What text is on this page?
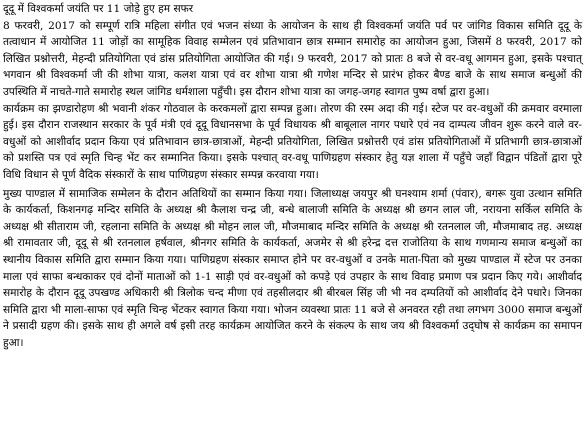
दूदू में विश्वकर्मा जयंति पर 11 जोड़े हुए हम सफर

8 फरवरी, 2017 को सम्पूर्ण रात्रि महिला संगीत एवं भजन संध्या के आयोजन के साथ ही विश्वकर्मा जयंति पर्व पर जांगिड विकास समिति दूदू के तत्वाधान में आयोजित 11 जोड़ों का सामूहिक विवाह सम्मेलन एवं प्रतिभावान छात्र सम्मान समारोह का आयोजन हुआ, जिसमें 8 फरवरी, 2017 को लिखित प्रश्नोत्तरी, मेहन्दी प्रतियोगिता एवं डांस प्रतियोगिता आयोजित की गई। 9 फरवरी, 2017 को प्रातः 8 बजे से वर-वधू आगमन हुआ, इसके पश्चात् भगवान श्री विश्वकर्मा जी की शोभा यात्रा, कलश यात्रा एवं वर शोभा यात्रा श्री गणेश मन्दिर से प्रारंभ होकर बैण्ड बाजे के साथ समाज बन्धुओं की उपस्थिति में नाचते-गाते समारोह स्थल जांगिड धर्मशाला पहुँची। इस दौरान शोभा यात्रा का जगह-जगह स्वागत पुष्प वर्षा द्वारा हुआ।

कार्यक्रम का झण्डारोहण श्री भवानी शंकर गोठवाल के करकमलों द्वारा सम्पन्न हुआ। तोरण की रस्म अदा की गई। स्टेज पर वर-वधुओं की क्रमवार वरमाला हुई। इस दौरान राजस्थान सरकार के पूर्व मंत्री एवं दूदू विधानसभा के पूर्व विधायक श्री बाबूलाल नागर पधारे एवं नव दाम्पत्य जीवन शुरू करने वाले वर-वधुओं को आशीर्वाद प्रदान किया एवं प्रतिभावान छात्र-छात्राओं, मेहन्दी प्रतियोगिता, लिखित प्रश्नोत्तरी एवं डांस प्रतियोगिताओं में प्रतिभागी छात्र-छात्राओं को प्रशस्ति पत्र एवं स्मृति चिन्ह भेंट कर सम्मानित किया। इसके पश्चात् वर-वधू पाणिग्रहण संस्कार हेतु यज्ञ शाला में पहुँचे जहाँ विद्वान पंडितों द्वारा पूरे विधि विधान से पूर्ण वैदिक संस्कारों के साथ पाणिग्रहण संस्कार सम्पन्न करवाया गया।

मुख्य पाण्डाल में सामाजिक सम्मेलन के दौरान अतिथियों का सम्मान किया गया। जिलाध्यक्ष जयपुर श्री घनश्याम शर्मा (पंवार), बगरू युवा उत्थान समिति के कार्यकर्ता, किशनगढ़ मन्दिर समिति के अध्यक्ष श्री कैलाश चन्द्र जी, बन्धे बालाजी समिति के अध्यक्ष श्री छगन लाल जी, नरायना सर्किल समिति के अध्यक्ष श्री सीताराम जी, रहलाना समिति के अध्यक्ष श्री मोहन लाल जी, मौजमाबाद मन्दिर समिति के अध्यक्ष श्री रतनलाल जी, मौजमाबाद तह. अध्यक्ष श्री रामावतार जी, दूदू से श्री रतनलाल हर्षवाल, श्रीनगर समिति के कार्यकर्ता, अजमेर से श्री हरेन्द्र दत्त राजोतिया के साथ गणमान्य समाज बन्धुओं का स्थानीय विकास समिति द्वारा सम्मान किया गया। पाणिग्रहण संस्कार समाप्त होने पर वर-वधुओं व उनके माता-पिता को मुख्य पाण्डाल में स्टेज पर उनका माला एवं साफा बन्धकाकर एवं दोनों माताओं को 1-1 साड़ी एवं वर-वधुओं को कपड़े एवं उपहार के साथ विवाह प्रमाण पत्र प्रदान किए गये। आशीर्वाद समारोह के दौरान दूदू उपखण्ड अधिकारी श्री त्रिलोक चन्द मीणा एवं तहसीलदार श्री बीरबल सिंह जी भी नव दम्पतियों को आशीर्वाद देने पधारे। जिनका समिति द्वारा भी माला-साफा एवं स्मृति चिन्ह भेंटकर स्वागत किया गया। भोजन व्यवस्था प्रातः 11 बजे से अनवरत रही तथा लगभग 3000 समाज बन्धुओं ने प्रसादी ग्रहण की। इसके साथ ही अगले वर्ष इसी तरह कार्यक्रम आयोजित करने के संकल्प के साथ जय श्री विश्वकर्मा उद्‌घोष से कार्यक्रम का समापन हुआ।
